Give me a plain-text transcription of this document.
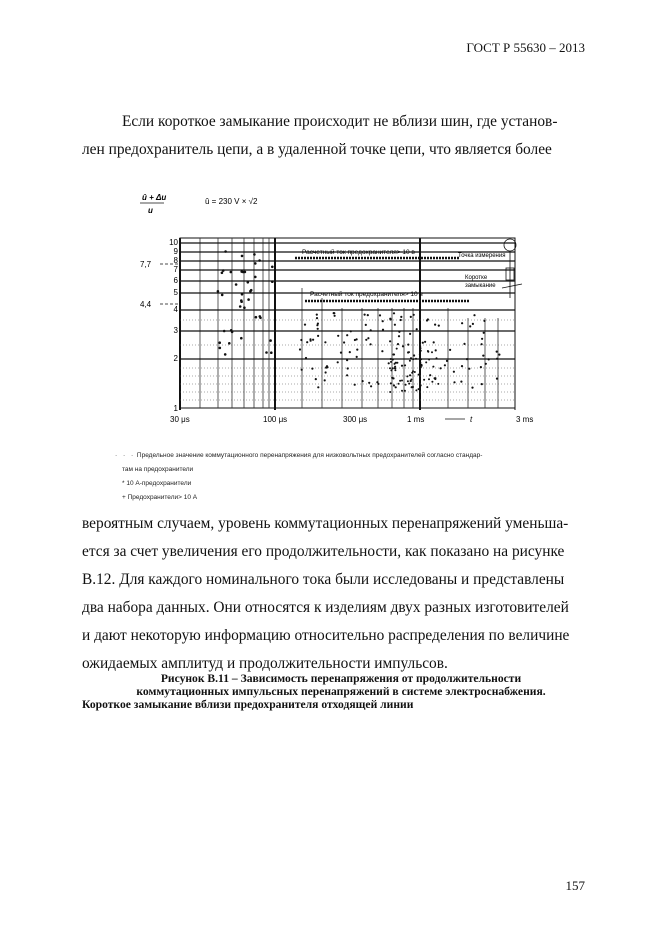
ГОСТ Р 55630 – 2013
Если короткое замыкание происходит не вблизи шин, где установ-
лен предохранитель цепи, а в удаленной точке цепи, что является более
û + Δu
u
û = 230 V × √2
Расчетный ток предохранителя> 10 в
Расчетный ток предохранителя> 10 в
10
9
8
7
6
5
4
3
2
1
7,7
4,4
30 μs	100 μs	300 μs	1 ms	3 ms
t
Точка измерения
Коротке
замыкание
· · · Предельное значение коммутационного перенапряжения для низковольтных предохранителей согласно стандар-
там на предохранители
* 10 А-предохранители
+ Предохранители> 10 А
вероятным случаем, уровень коммутационных перенапряжений уменьша-
ется за счет увеличения его продолжительности, как показано на рисунке
В.12. Для каждого номинального тока были исследованы и представлены
два набора данных. Они относятся к изделиям двух разных изготовителей
и дают некоторую информацию относительно распределения по величине
ожидаемых амплитуд и продолжительности импульсов.
Рисунок В.11 – Зависимость перенапряжения от продолжительности
коммутационных импульсных перенапряжений в системе электроснабжения.
Короткое замыкание вблизи предохранителя отходящей линии
157
